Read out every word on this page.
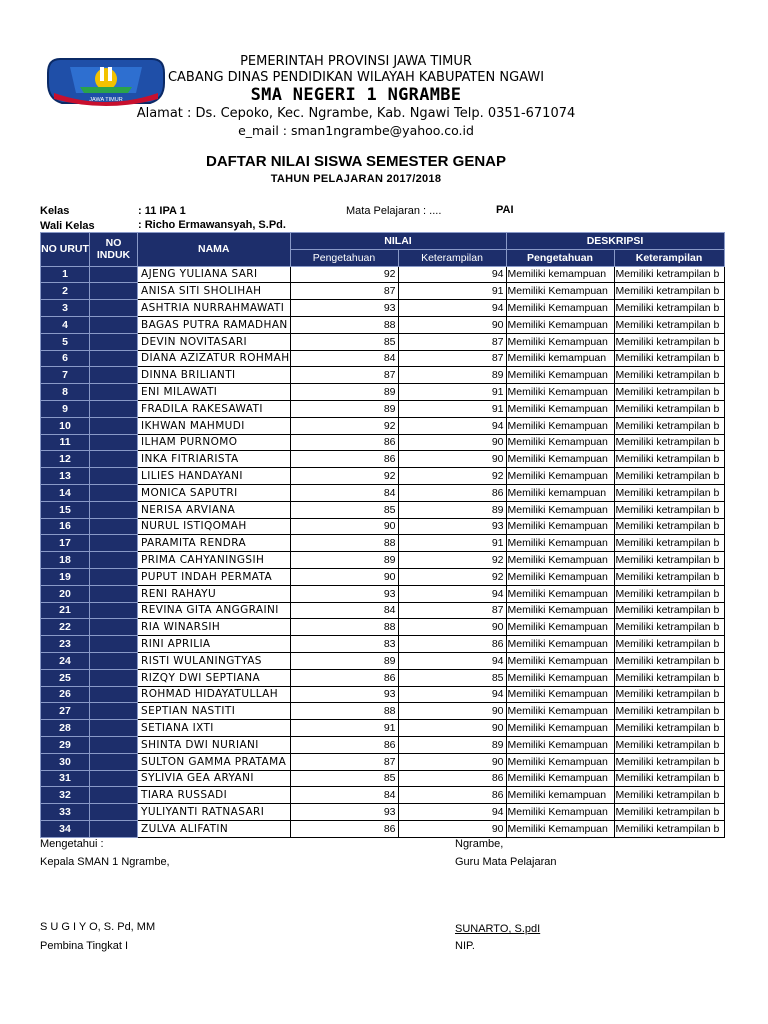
JAWA TIMUR
PEMERINTAH PROVINSI JAWA TIMUR
CABANG DINAS PENDIDIKAN WILAYAH KABUPATEN NGAWI
SMA NEGERI 1 NGRAMBE
Alamat : Ds. Cepoko, Kec. Ngrambe, Kab. Ngawi Telp. 0351-671074
e_mail : sman1ngrambe@yahoo.co.id
DAFTAR NILAI SISWA SEMESTER GENAP
TAHUN PELAJARAN 2017/2018
Kelas	: 11 IPA 1
Wali Kelas	: Richo Ermawansyah, S.Pd.
Mata Pelajaran : ....	PAI
NO URUT	NO INDUK	NAMA	NILAI		DESKRIPSI	
			Pengetahuan	Keterampilan	Pengetahuan	Keterampilan
1		AJENG YULIANA SARI	92	94	Memiliki kemampuan	Memiliki ketrampilan b
2		ANISA SITI SHOLIHAH	87	91	Memiliki Kemampuan	Memiliki ketrampilan b
3		ASHTRIA NURRAHMAWATI	93	94	Memiliki Kemampuan	Memiliki ketrampilan b
4		BAGAS PUTRA RAMADHAN	88	90	Memiliki Kemampuan	Memiliki ketrampilan b
5		DEVIN NOVITASARI	85	87	Memiliki Kemampuan	Memiliki ketrampilan b
6		DIANA AZIZATUR ROHMAH	84	87	Memiliki kemampuan	Memiliki ketrampilan b
7		DINNA BRILIANTI	87	89	Memiliki Kemampuan	Memiliki ketrampilan b
8		ENI MILAWATI	89	91	Memiliki Kemampuan	Memiliki ketrampilan b
9		FRADILA RAKESAWATI	89	91	Memiliki Kemampuan	Memiliki ketrampilan b
10		IKHWAN MAHMUDI	92	94	Memiliki Kemampuan	Memiliki ketrampilan b
11		ILHAM PURNOMO	86	90	Memiliki Kemampuan	Memiliki ketrampilan b
12		INKA FITRIARISTA	86	90	Memiliki Kemampuan	Memiliki ketrampilan b
13		LILIES HANDAYANI	92	92	Memiliki Kemampuan	Memiliki ketrampilan b
14		MONICA SAPUTRI	84	86	Memiliki kemampuan	Memiliki ketrampilan b
15		NERISA ARVIANA	85	89	Memiliki Kemampuan	Memiliki ketrampilan b
16		NURUL ISTIQOMAH	90	93	Memiliki Kemampuan	Memiliki ketrampilan b
17		PARAMITA RENDRA	88	91	Memiliki Kemampuan	Memiliki ketrampilan b
18		PRIMA CAHYANINGSIH	89	92	Memiliki Kemampuan	Memiliki ketrampilan b
19		PUPUT INDAH PERMATA	90	92	Memiliki Kemampuan	Memiliki ketrampilan b
20		RENI RAHAYU	93	94	Memiliki Kemampuan	Memiliki ketrampilan b
21		REVINA GITA ANGGRAINI	84	87	Memiliki Kemampuan	Memiliki ketrampilan b
22		RIA WINARSIH	88	90	Memiliki Kemampuan	Memiliki ketrampilan b
23		RINI APRILIA	83	86	Memiliki Kemampuan	Memiliki ketrampilan b
24		RISTI WULANINGTYAS	89	94	Memiliki Kemampuan	Memiliki ketrampilan b
25		RIZQY DWI SEPTIANA	86	85	Memiliki Kemampuan	Memiliki ketrampilan b
26		ROHMAD HIDAYATULLAH	93	94	Memiliki Kemampuan	Memiliki ketrampilan b
27		SEPTIAN NASTITI	88	90	Memiliki Kemampuan	Memiliki ketrampilan b
28		SETIANA IXTI	91	90	Memiliki Kemampuan	Memiliki ketrampilan b
29		SHINTA DWI NURIANI	86	89	Memiliki Kemampuan	Memiliki ketrampilan b
30		SULTON GAMMA PRATAMA	87	90	Memiliki Kemampuan	Memiliki ketrampilan b
31		SYLIVIA GEA ARYANI	85	86	Memiliki Kemampuan	Memiliki ketrampilan b
32		TIARA RUSSADI	84	86	Memiliki kemampuan	Memiliki ketrampilan b
33		YULIYANTI RATNASARI	93	94	Memiliki Kemampuan	Memiliki ketrampilan b
34		ZULVA ALIFATIN	86	90	Memiliki Kemampuan	Memiliki ketrampilan b
Mengetahui :
Kepala SMAN 1 Ngrambe,
S U G I Y O, S. Pd, MM
Pembina Tingkat I
Ngrambe,
Guru Mata Pelajaran
SUNARTO, S.pdI
NIP.
